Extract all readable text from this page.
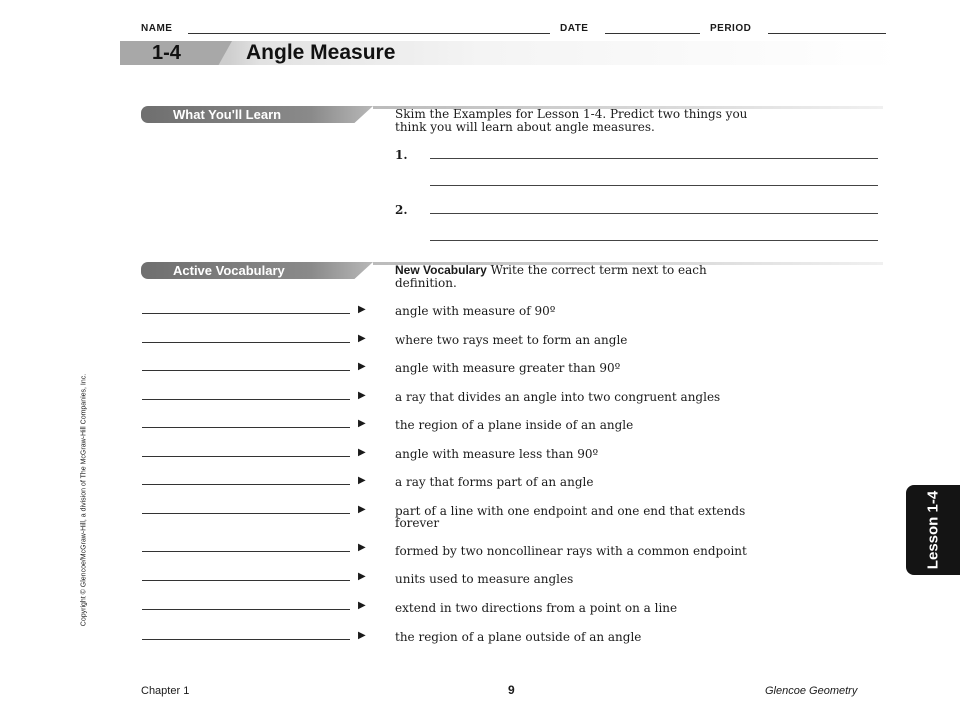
NAME	DATE	PERIOD
1-4	Angle Measure
What You'll Learn	Skim the Examples for Lesson 1-4. Predict two things you
think you will learn about angle measures.
1.
2.
Active Vocabulary	New Vocabulary Write the correct term next to each
definition.
▶ angle with measure of 90º
▶ where two rays meet to form an angle
▶ angle with measure greater than 90º
▶ a ray that divides an angle into two congruent angles
▶ the region of a plane inside of an angle
▶ angle with measure less than 90º
▶ a ray that forms part of an angle
▶ part of a line with one endpoint and one end that extends
forever
▶ formed by two noncollinear rays with a common endpoint
▶ units used to measure angles
▶ extend in two directions from a point on a line
▶ the region of a plane outside of an angle
Chapter 1	9	Glencoe Geometry
Copyright © Glencoe/McGraw-Hill, a division of The McGraw-Hill Companies, Inc.	Lesson 1-4
